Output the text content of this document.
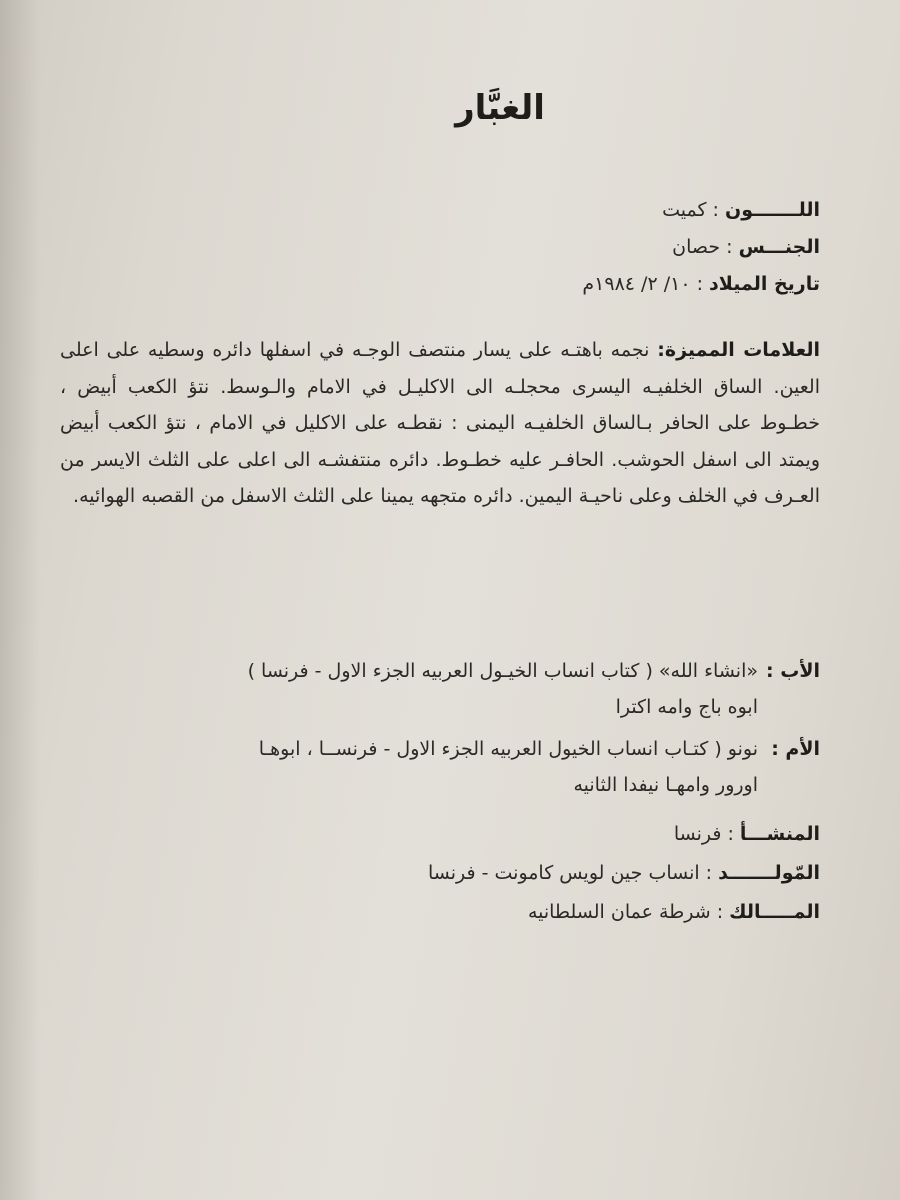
الغبَّار
اللـــــــون : كميت
الجنـــس : حصان
تاريخ الميلاد : ١٠/ ٢/ ١٩٨٤م
العلامات المميزة: نجمه باهتـه على يسار منتصف الوجـه في اسفلها دائره وسطيه على اعلى العين. الساق الخلفيـه اليسرى محجلـه الى الاكليـل في الامام والـوسط. نتؤ الكعب أبيض ، خطـوط على الحافر بـالساق الخلفيـه اليمنى : نقطـه على الاكليل في الامام ، نتؤ الكعب أبيض ويمتد الى اسفل الحوشب. الحافـر عليه خطـوط. دائره منتفشـه الى اعلى على الثلث الايسر من العـرف في الخلف وعلى ناحيـة اليمين. دائره متجهه يمينا على الثلث الاسفل من القصبه الهوائيه.
الأب :
«انشاء الله» ( كتاب انساب الخيـول العربيه الجزء الاول - فرنسا )
ابوه باج وامه اكترا
الأم :
نونو ( كتـاب انساب الخيول العربيه الجزء الاول - فرنســا ، ابوهـا
اورور وامهـا نيفدا الثانيه
المنشـــأ : فرنسا
المّولـــــــد : انساب جين لويس كامونت - فرنسا
المـــــالك : شرطة عمان السلطانيه
